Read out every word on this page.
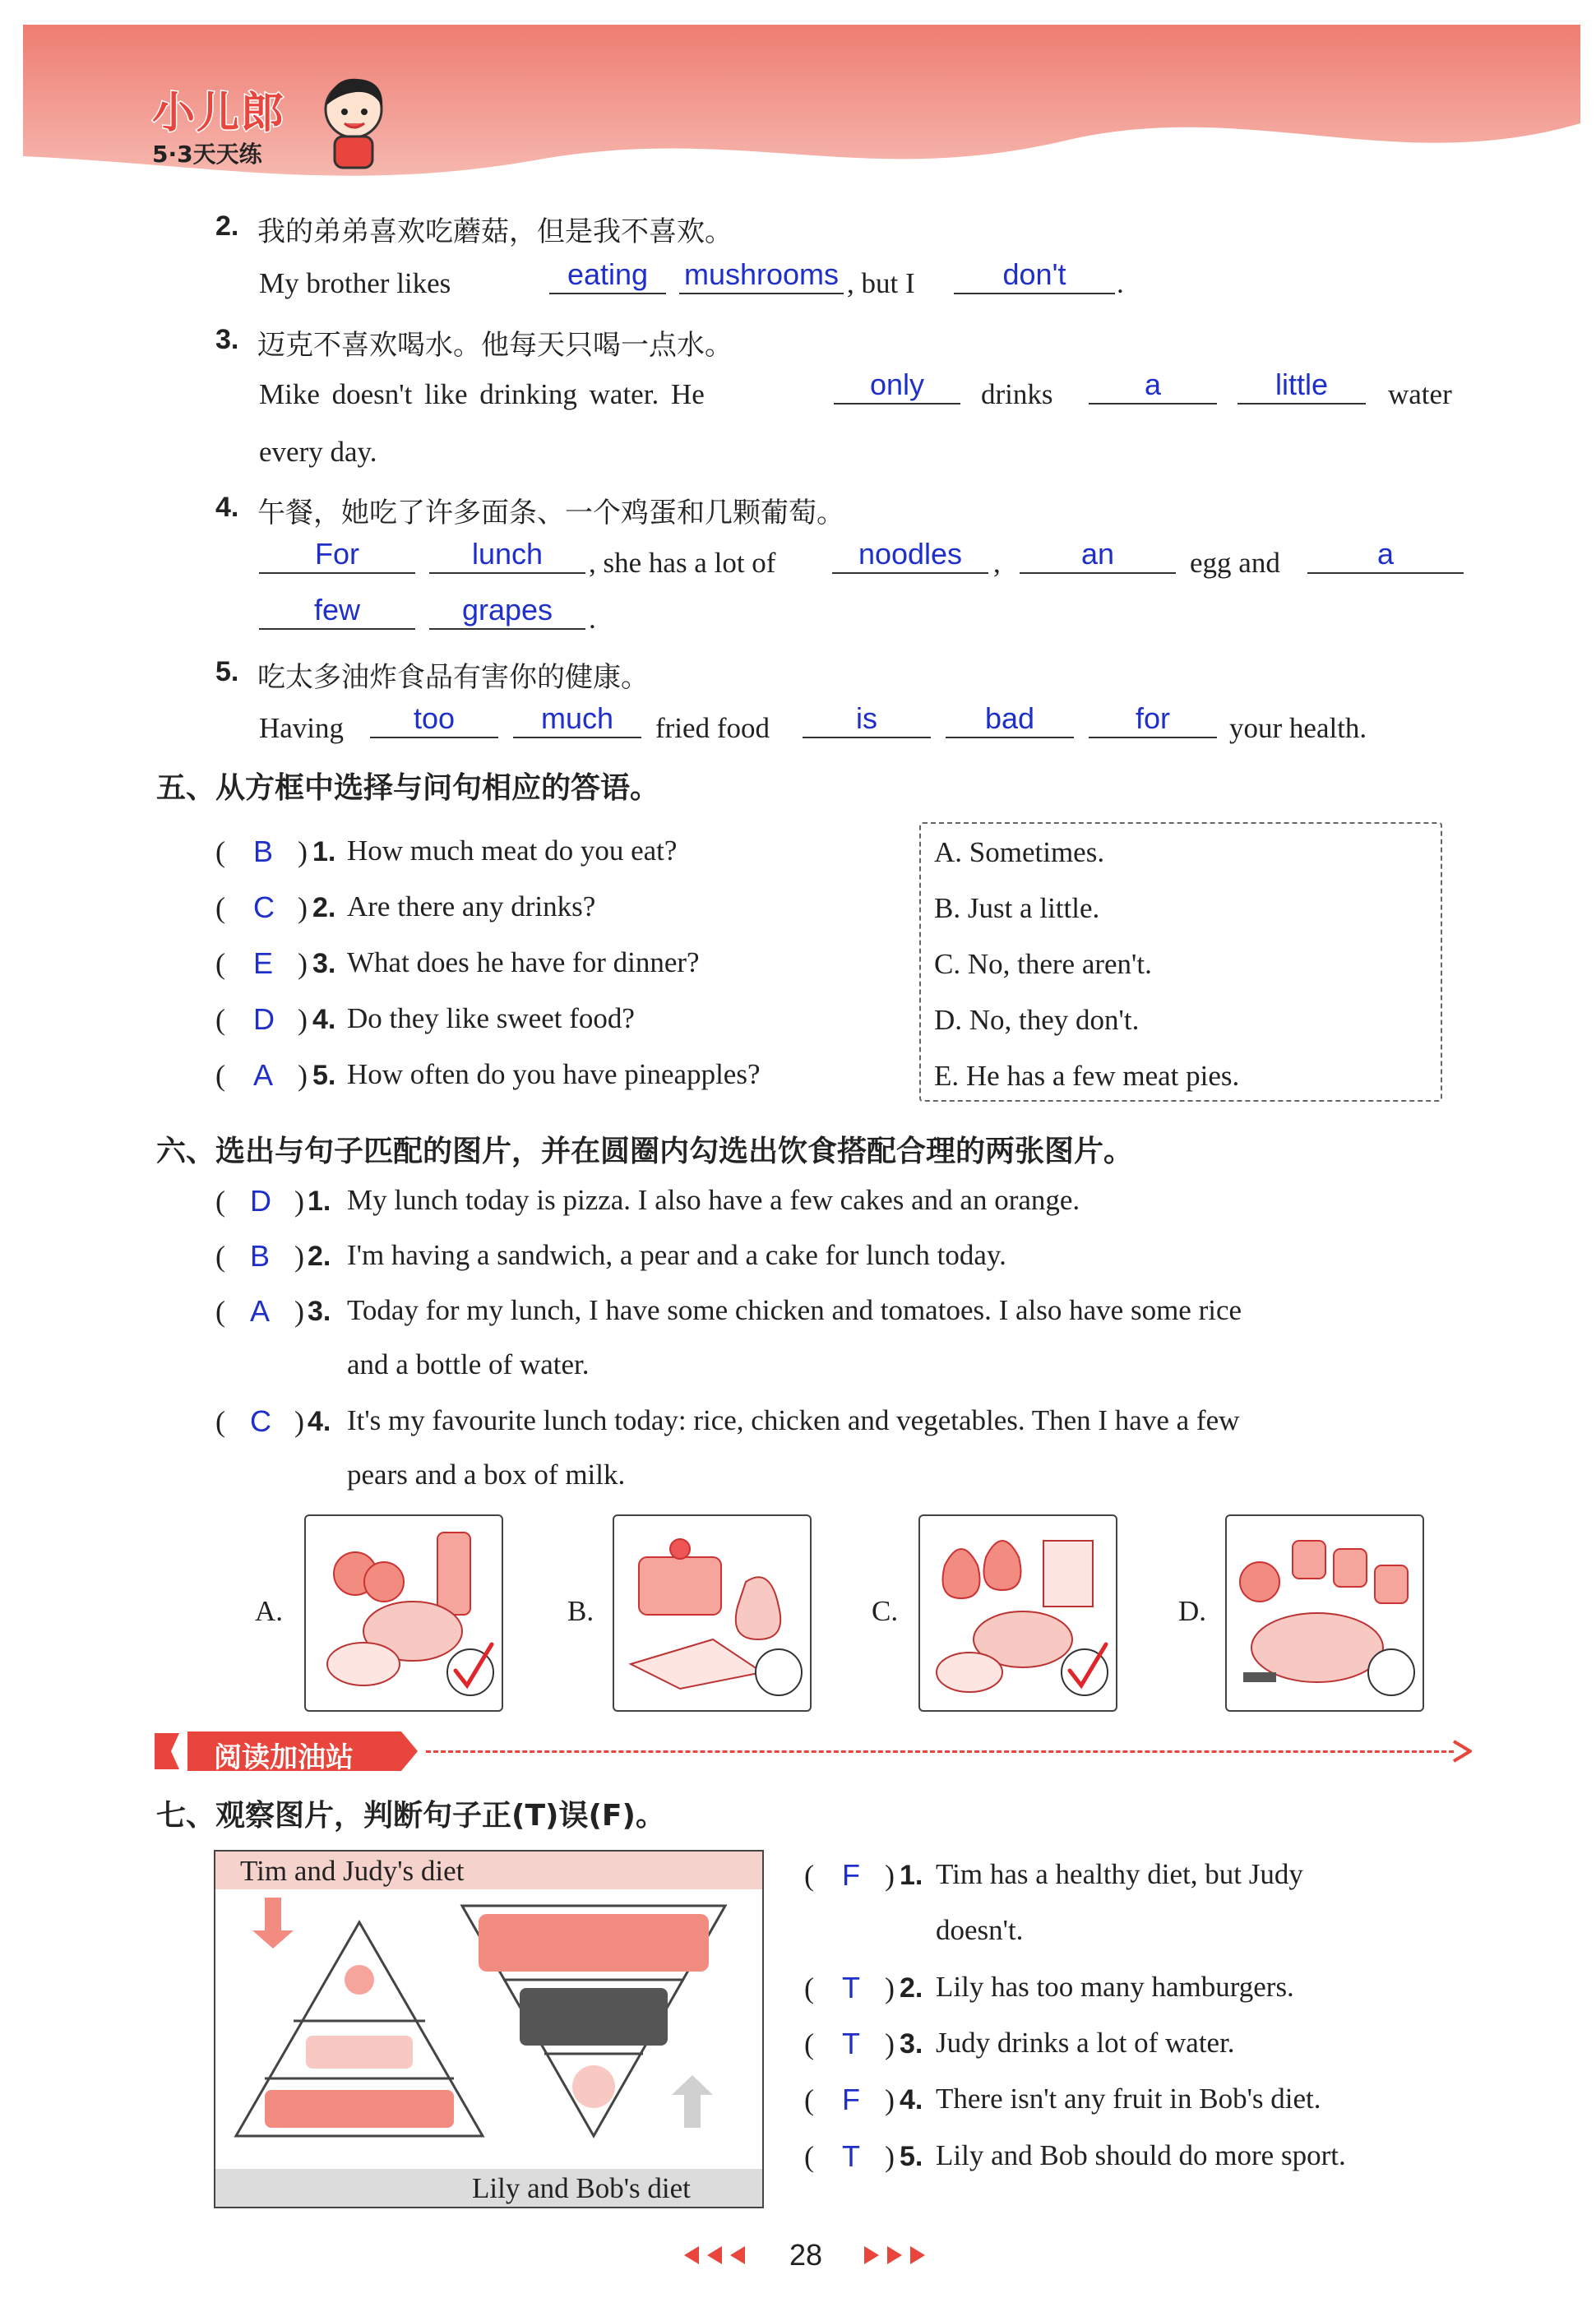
小儿郎
5·3天天练
2. 我的弟弟喜欢吃蘑菇，但是我不喜欢。
My brother likes	eating	mushrooms , but I	don't	.
3. 迈克不喜欢喝水。他每天只喝一点水。
Mike doesn't like drinking water. He	only	drinks	a	little	water
every day.
4. 午餐，她吃了许多面条、一个鸡蛋和几颗葡萄。
For	lunch	, she has a lot of	noodles	,	an	egg and	a
few	grapes	.
5. 吃太多油炸食品有害你的健康。
Having	too	much	fried food	is	bad	for	your health.
五、从方框中选择与问句相应的答语。
( B ) 1. How much meat do you eat?
( C ) 2. Are there any drinks?
( E ) 3. What does he have for dinner?
( D ) 4. Do they like sweet food?
( A ) 5. How often do you have pineapples?
A. Sometimes.
B. Just a little.
C. No, there aren't.
D. No, they don't.
E. He has a few meat pies.
六、选出与句子匹配的图片，并在圆圈内勾选出饮食搭配合理的两张图片。
( D ) 1. My lunch today is pizza. I also have a few cakes and an orange.
( B ) 2. I'm having a sandwich, a pear and a cake for lunch today.
( A ) 3. Today for my lunch, I have some chicken and tomatoes. I also have some rice
and a bottle of water.
( C ) 4. It's my favourite lunch today: rice, chicken and vegetables. Then I have a few
pears and a box of milk.
A.	B.	C.	D.
阅读加油站
七、观察图片，判断句子正(T)误(F)。
Tim and Judy's diet
Lily and Bob's diet
( F ) 1. Tim has a healthy diet, but Judy
doesn't.
( T ) 2. Lily has too many hamburgers.
( T ) 3. Judy drinks a lot of water.
( F ) 4. There isn't any fruit in Bob's diet.
( T ) 5. Lily and Bob should do more sport.
28
